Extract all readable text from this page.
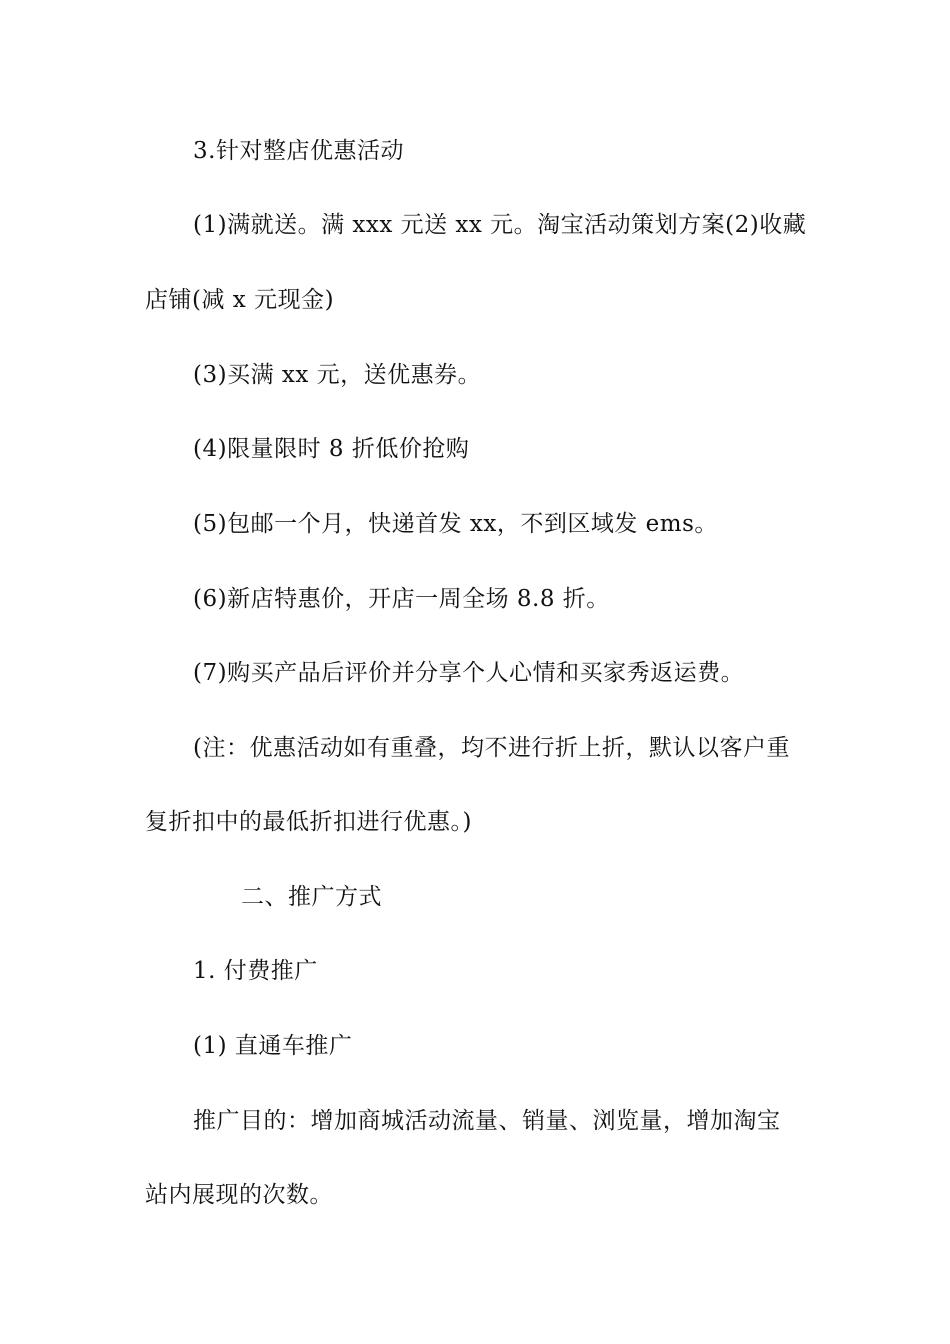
3.针对整店优惠活动
(1)满就送。满 xxx 元送 xx 元。淘宝活动策划方案(2)收藏
店铺(减 x 元现金)
(3)买满 xx 元，送优惠券。
(4)限量限时 8 折低价抢购
(5)包邮一个月，快递首发 xx，不到区域发 ems。
(6)新店特惠价，开店一周全场 8.8 折。
(7)购买产品后评价并分享个人心情和买家秀返运费。
(注：优惠活动如有重叠，均不进行折上折，默认以客户重
复折扣中的最低折扣进行优惠。)
二、推广方式
1. 付费推广
(1) 直通车推广
推广目的：增加商城活动流量、销量、浏览量，增加淘宝
站内展现的次数。
